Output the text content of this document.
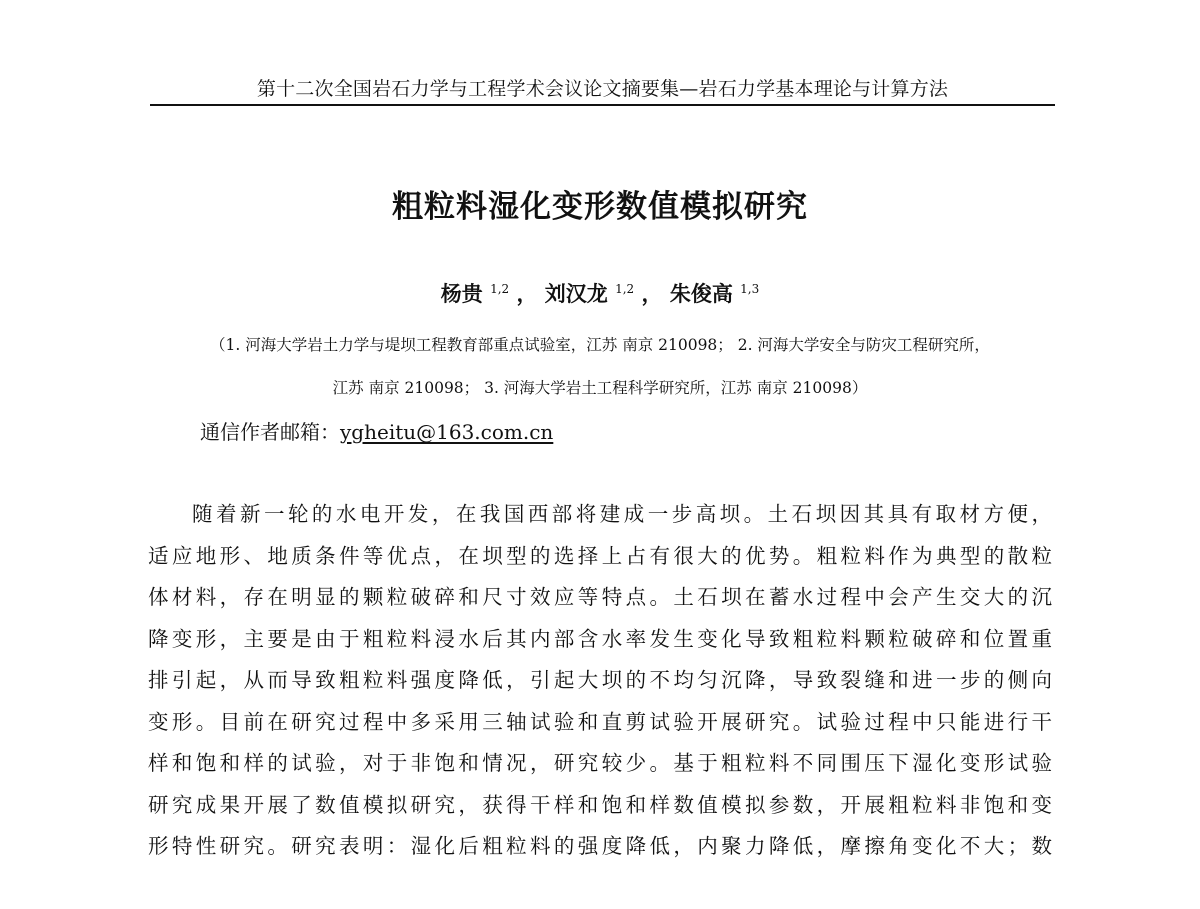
第十二次全国岩石力学与工程学术会议论文摘要集—岩石力学基本理论与计算方法
粗粒料湿化变形数值模拟研究
杨贵 $^{1,2}$ ， 刘汉龙 $^{1,2}$ ， 朱俊高 $^{1,3}$
（1. 河海大学岩土力学与堤坝工程教育部重点试验室，江苏 南京 210098； 2. 河海大学安全与防灾工程研究所，
江苏 南京 210098； 3. 河海大学岩土工程科学研究所，江苏 南京 210098）
通信作者邮箱：ygheitu@163.com.cn
随着新一轮的水电开发，在我国西部将建成一步高坝。土石坝因其具有取材方便，
适应地形、地质条件等优点，在坝型的选择上占有很大的优势。粗粒料作为典型的散粒
体材料，存在明显的颗粒破碎和尺寸效应等特点。土石坝在蓄水过程中会产生交大的沉
降变形，主要是由于粗粒料浸水后其内部含水率发生变化导致粗粒料颗粒破碎和位置重
排引起，从而导致粗粒料强度降低，引起大坝的不均匀沉降，导致裂缝和进一步的侧向
变形。目前在研究过程中多采用三轴试验和直剪试验开展研究。试验过程中只能进行干
样和饱和样的试验，对于非饱和情况，研究较少。基于粗粒料不同围压下湿化变形试验
研究成果开展了数值模拟研究，获得干样和饱和样数值模拟参数，开展粗粒料非饱和变
形特性研究。研究表明：湿化后粗粒料的强度降低，内聚力降低，摩擦角变化不大；数
